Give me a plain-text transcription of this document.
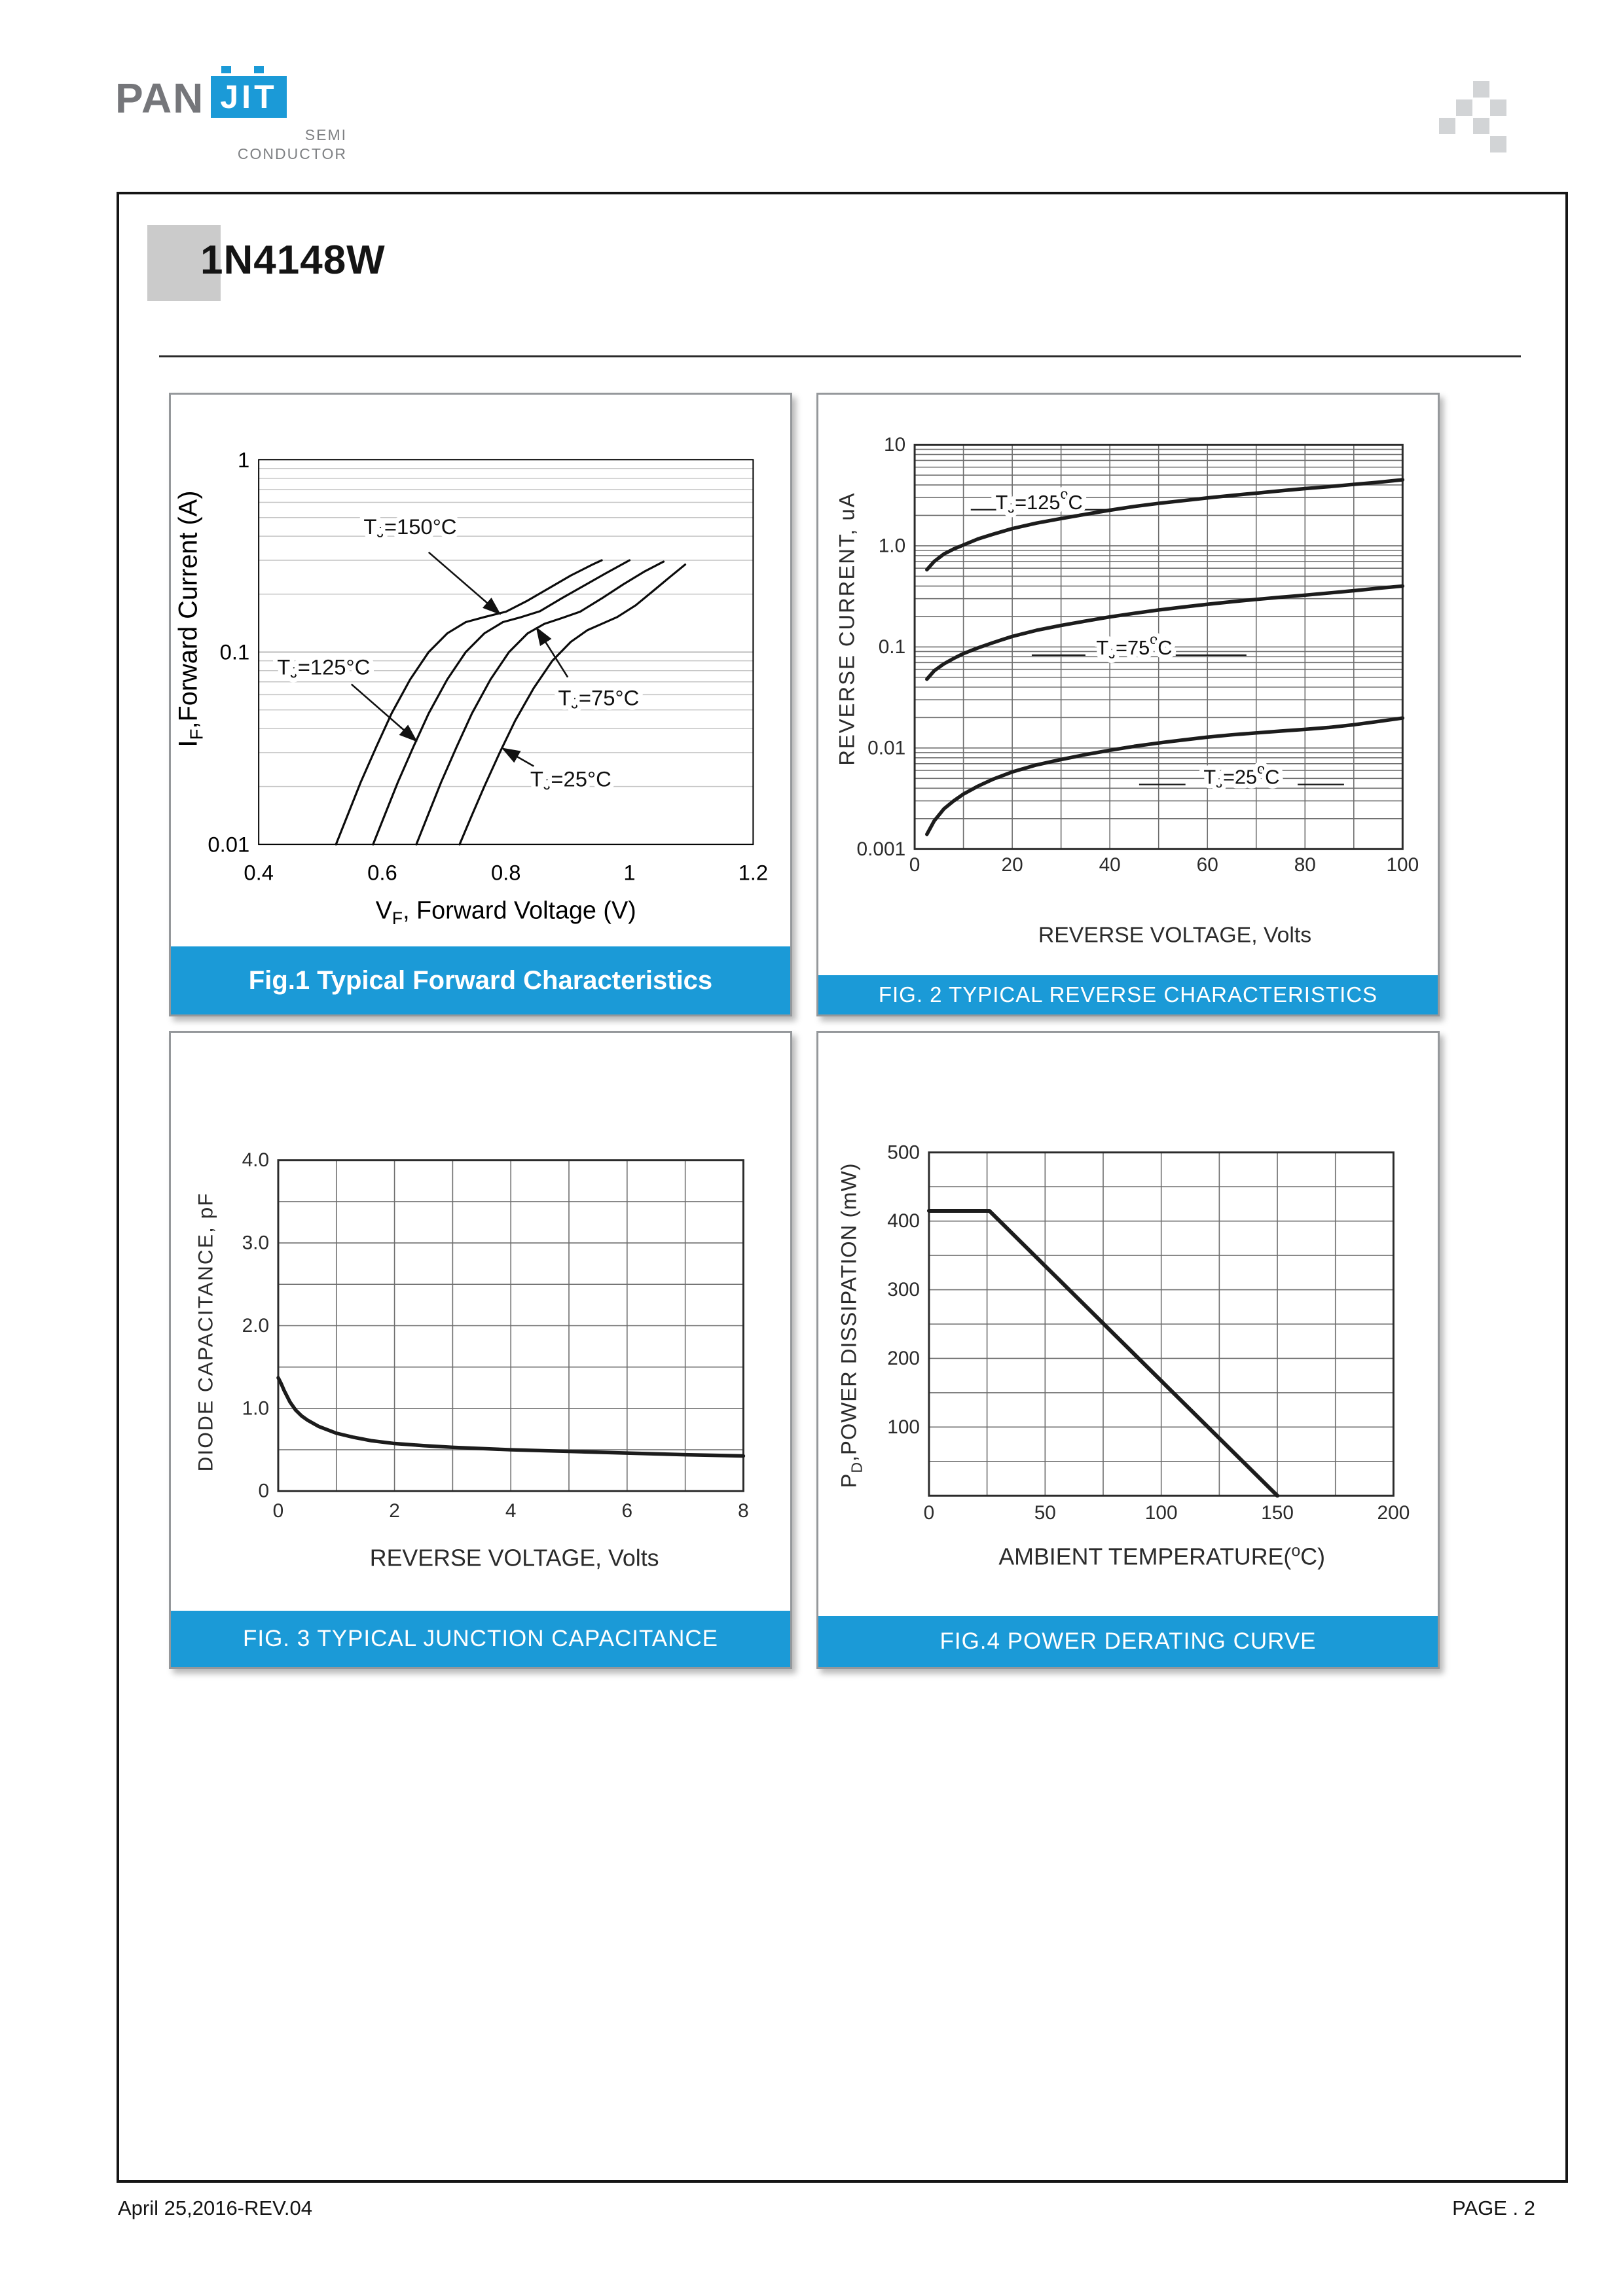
PAN JIT
SEMI
CONDUCTOR
1N4148W
1
0.1
0.01
0.4	0.6	0.8	1	1.2
$I_F,Forward$ Current (A)
$V_F$, Forward Voltage (V)
$T_J=150^\circ C$
$T_J=125^\circ C$
$T_J=75^\circ C$
$T_J=25^\circ C$
Fig.1 Typical Forward Characteristics
10
1.0
0.1
0.01
0.001
0	20	40	60	80	100
REVERSE CURRENT, uA
REVERSE VOLTAGE, Volts
$T_J=125^oC$
$T_J=75^oC$
$T_J=25^oC$
FIG. 2 TYPICAL REVERSE CHARACTERISTICS
0
1.0
2.0
3.0
4.0
0	2	4	6	8
DIODE CAPACITANCE, pF
REVERSE VOLTAGE, Volts
FIG. 3 TYPICAL JUNCTION CAPACITANCE
100
200
300
400
500
0	50	100	150	200
$P_D,POWER$ DISSIPATION (mW)
AMBIENT TEMPERATURE($^o$C)
FIG.4 POWER DERATING CURVE
April 25,2016-REV.04	PAGE . 2
